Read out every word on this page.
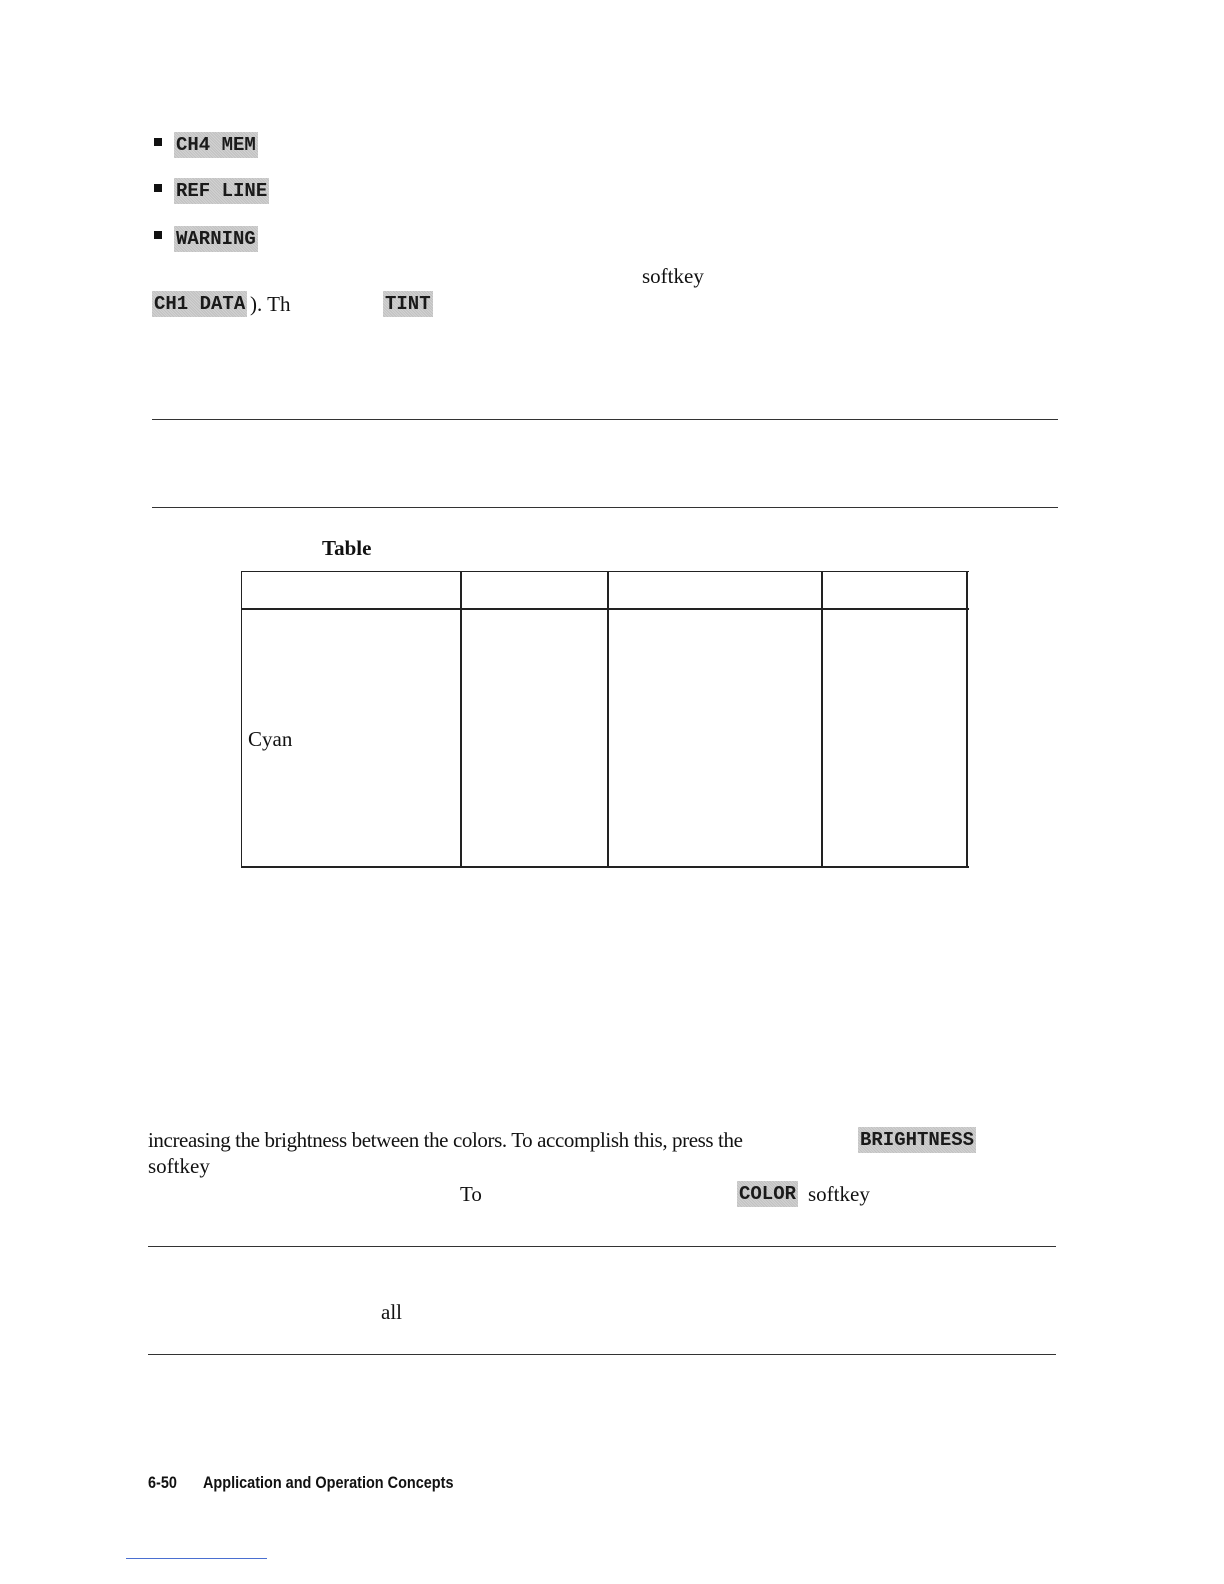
CH4 MEM
REF LINE
WARNING
softkey
CH1 DATA ). Th	TINT
Table
Cyan
increasing the brightness between the colors. To accomplish this, press the	BRIGHTNESS
softkey
To	COLOR softkey
all
6-50 Application and Operation Concepts
